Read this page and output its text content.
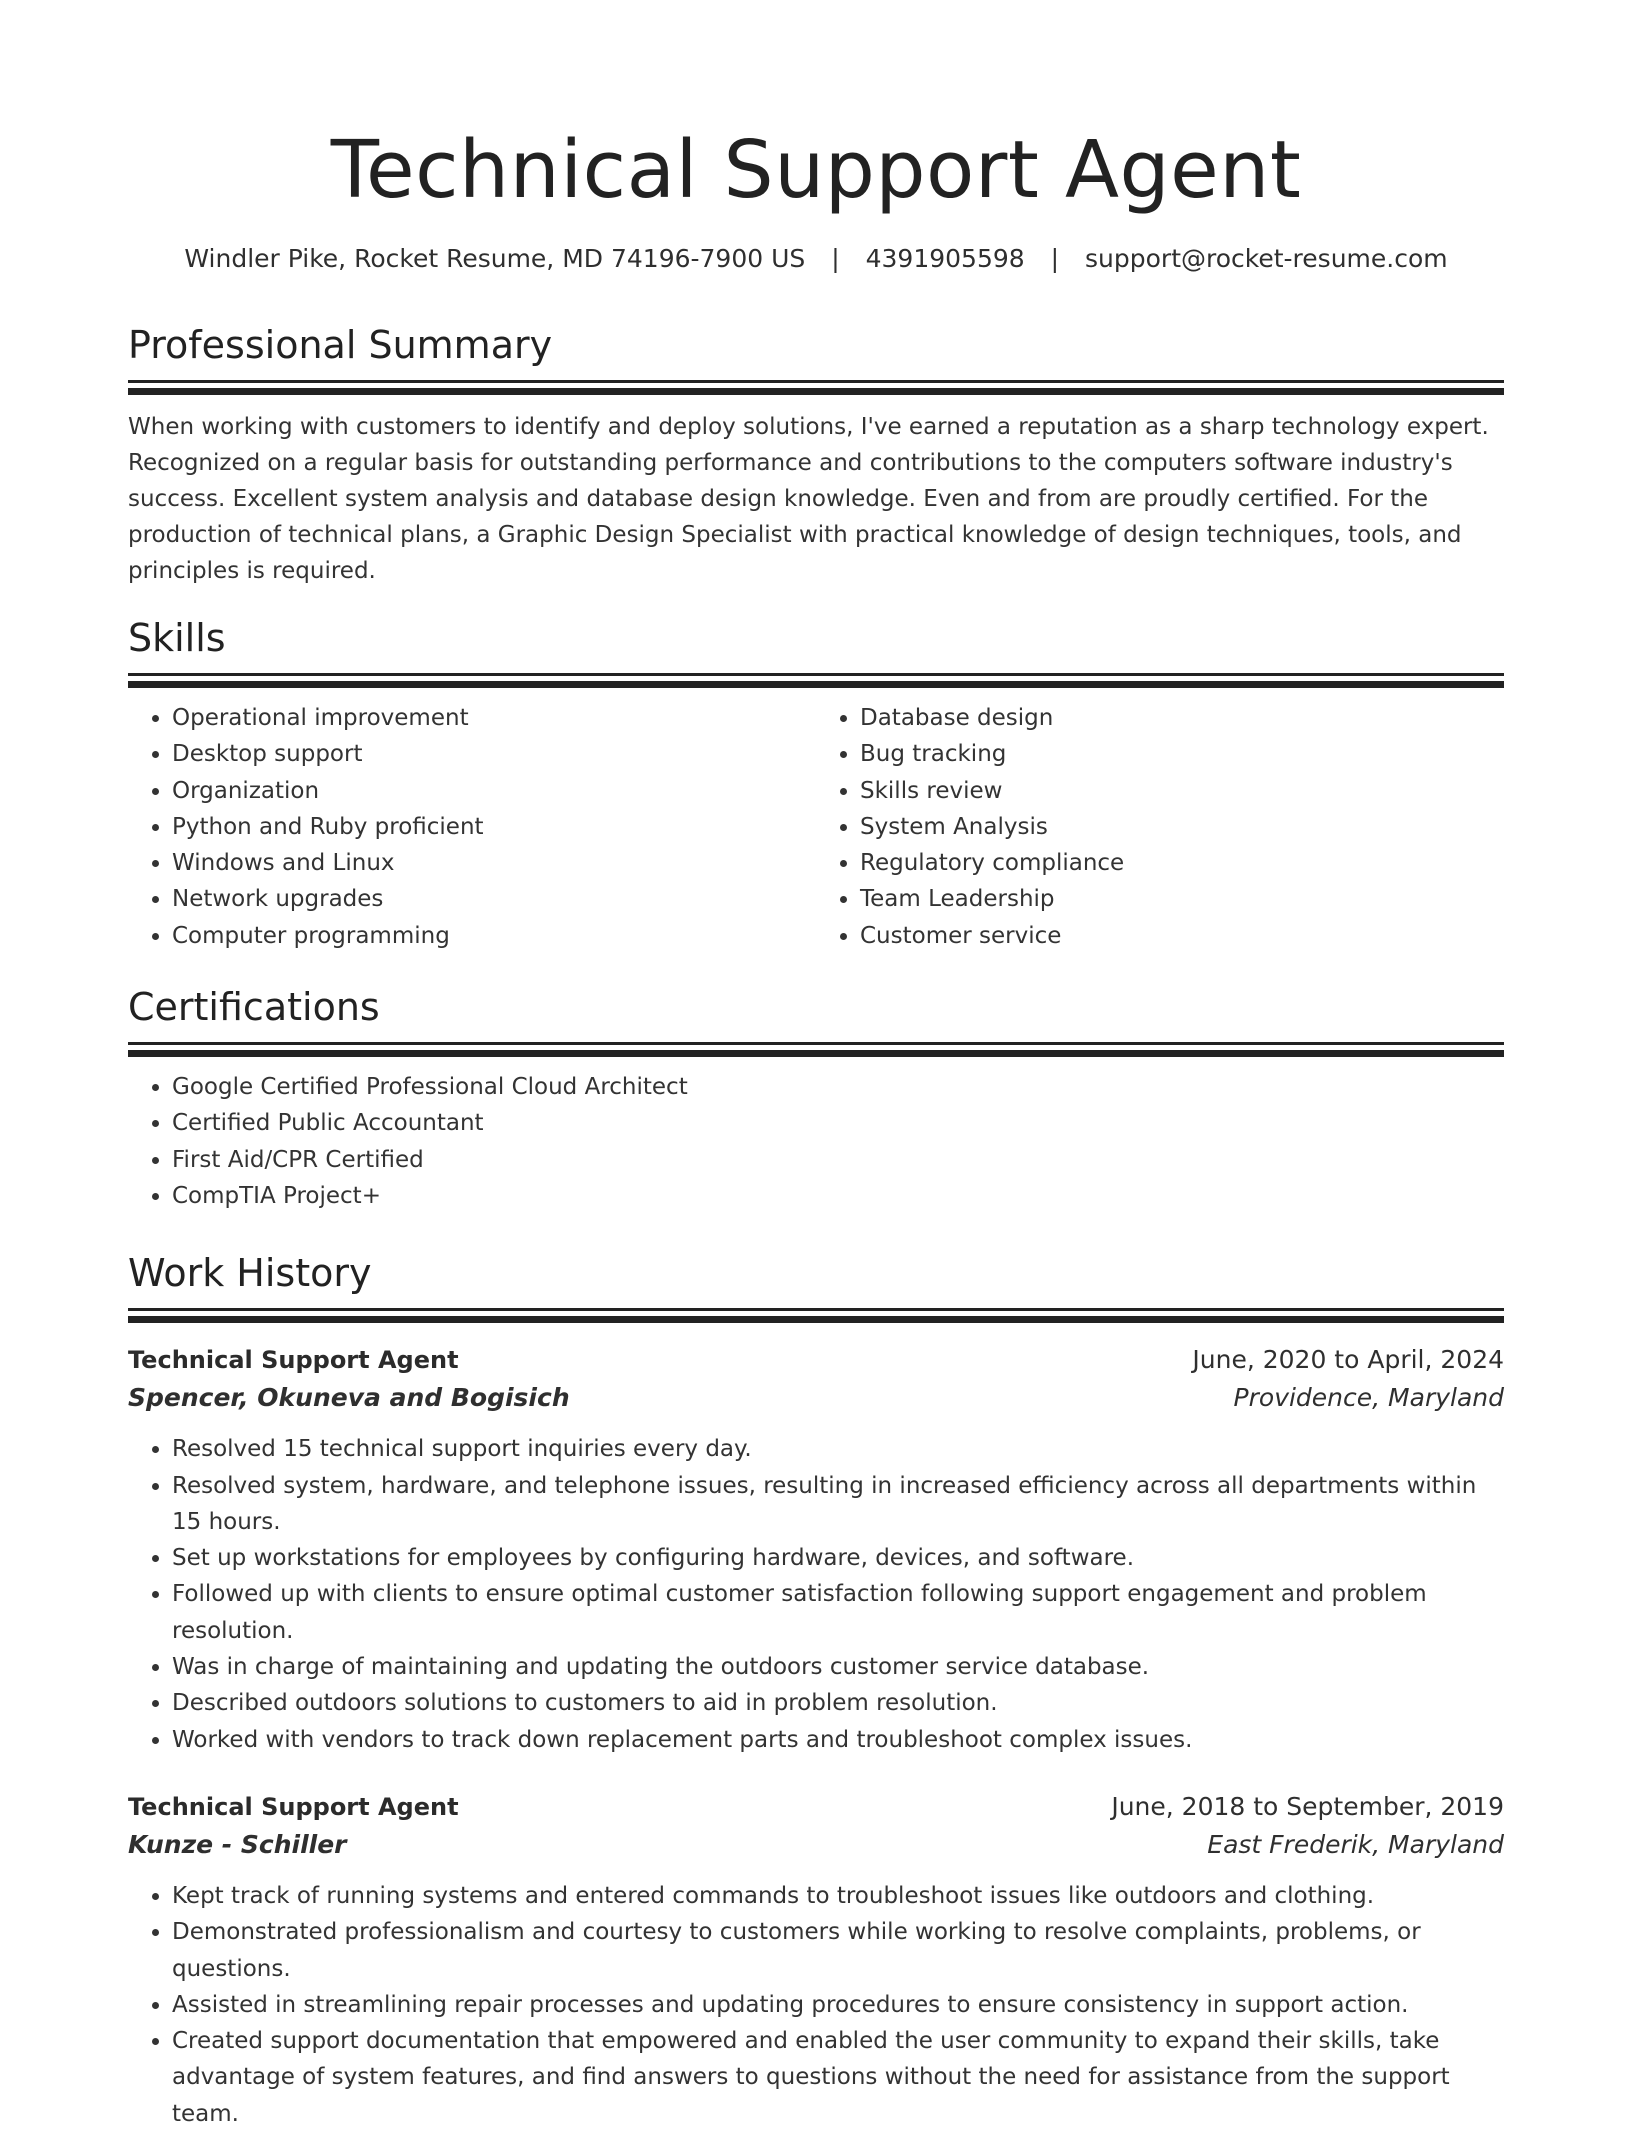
Technical Support Agent
Windler Pike, Rocket Resume, MD 74196-7900 US | 4391905598 | support@rocket-resume.com
Professional Summary

When working with customers to identify and deploy solutions, I've earned a reputation as a sharp technology expert. Recognized on a regular basis for outstanding performance and contributions to the computers software industry's success. Excellent system analysis and database design knowledge. Even and from are proudly certified. For the production of technical plans, a Graphic Design Specialist with practical knowledge of design techniques, tools, and principles is required.

Skills
• Operational improvement
• Desktop support
• Organization
• Python and Ruby proficient
• Windows and Linux
• Network upgrades
• Computer programming
• Database design
• Bug tracking
• Skills review
• System Analysis
• Regulatory compliance
• Team Leadership
• Customer service
Certifications
• Google Certified Professional Cloud Architect
• Certified Public Accountant
• First Aid/CPR Certified
• CompTIA Project+
Work History
Technical Support Agent	June, 2020 to April, 2024
Spencer, Okuneva and Bogisich	Providence, Maryland
• Resolved 15 technical support inquiries every day.
• Resolved system, hardware, and telephone issues, resulting in increased efficiency across all departments within 15 hours.
• Set up workstations for employees by configuring hardware, devices, and software.
• Followed up with clients to ensure optimal customer satisfaction following support engagement and problem resolution.
• Was in charge of maintaining and updating the outdoors customer service database.
• Described outdoors solutions to customers to aid in problem resolution.
• Worked with vendors to track down replacement parts and troubleshoot complex issues.
Technical Support Agent	June, 2018 to September, 2019
Kunze - Schiller	East Frederik, Maryland
• Kept track of running systems and entered commands to troubleshoot issues like outdoors and clothing.
• Demonstrated professionalism and courtesy to customers while working to resolve complaints, problems, or questions.
• Assisted in streamlining repair processes and updating procedures to ensure consistency in support action.
• Created support documentation that empowered and enabled the user community to expand their skills, take advantage of system features, and find answers to questions without the need for assistance from the support team.
